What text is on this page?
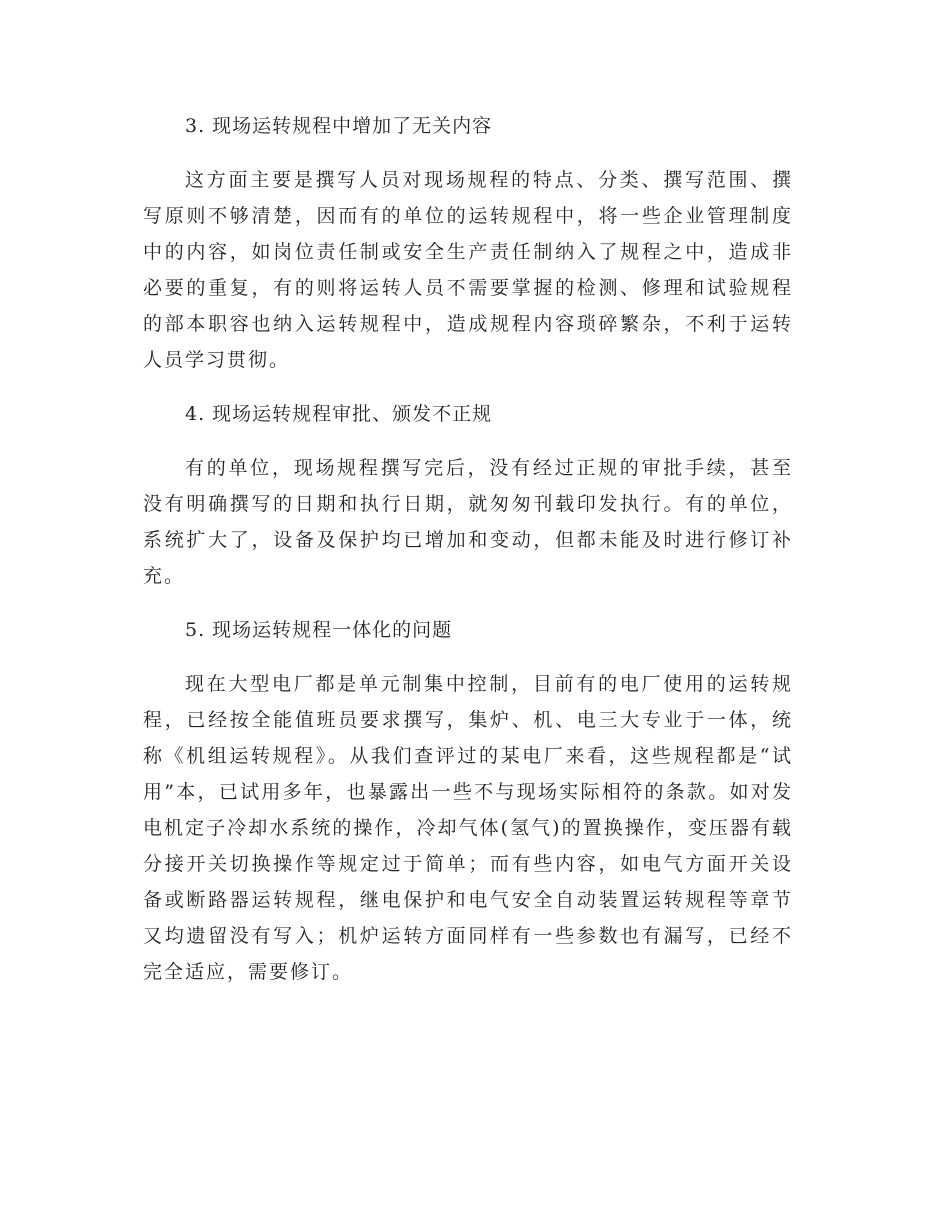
3. 现场运转规程中增加了无关内容

这方面主要是撰写人员对现场规程的特点、分类、撰写范围、撰写原则不够清楚，因而有的单位的运转规程中，将一些企业管理制度中的内容，如岗位责任制或安全生产责任制纳入了规程之中，造成非必要的重复，有的则将运转人员不需要掌握的检测、修理和试验规程的部本职容也纳入运转规程中，造成规程内容琐碎繁杂，不利于运转人员学习贯彻。

4. 现场运转规程审批、颁发不正规

有的单位，现场规程撰写完后，没有经过正规的审批手续，甚至没有明确撰写的日期和执行日期，就匆匆刊载印发执行。有的单位，系统扩大了，设备及保护均已增加和变动，但都未能及时进行修订补充。

5. 现场运转规程一体化的问题

现在大型电厂都是单元制集中控制，目前有的电厂使用的运转规程，已经按全能值班员要求撰写，集炉、机、电三大专业于一体，统称《机组运转规程》。从我们查评过的某电厂来看，这些规程都是“试用”本，已试用多年，也暴露出一些不与现场实际相符的条款。如对发电机定子冷却水系统的操作，冷却气体(氢气)的置换操作，变压器有载分接开关切换操作等规定过于简单；而有些内容，如电气方面开关设备或断路器运转规程，继电保护和电气安全自动装置运转规程等章节又均遗留没有写入；机炉运转方面同样有一些参数也有漏写，已经不完全适应，需要修订。
